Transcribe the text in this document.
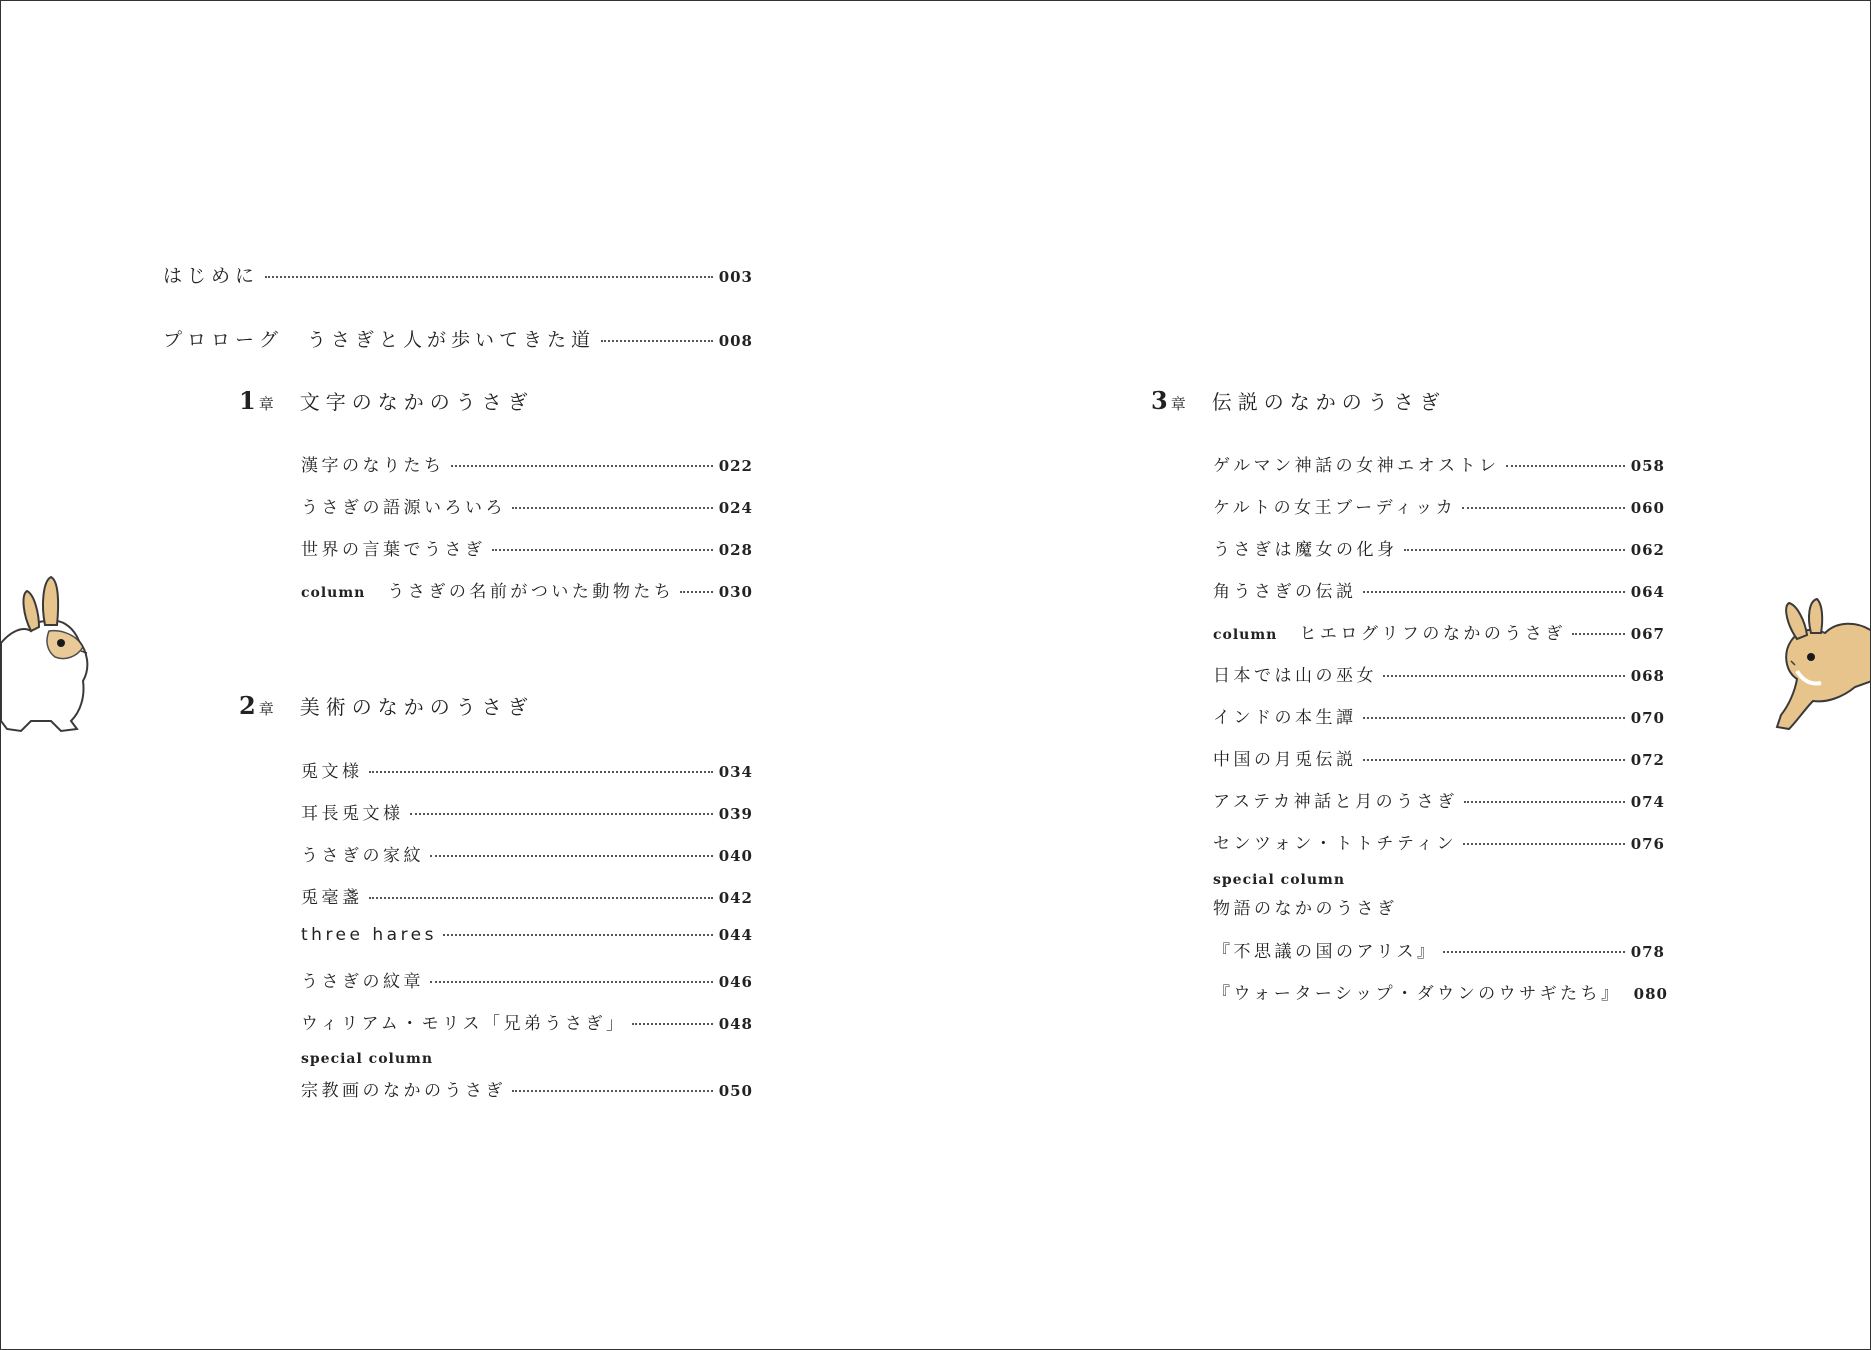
はじめに	003
プロローグ　うさぎと人が歩いてきた道	008
1 章 文字のなかのうさぎ
漢字のなりたち	022
うさぎの語源いろいろ	024
世界の言葉でうさぎ	028
column うさぎの名前がついた動物たち	030
2 章 美術のなかのうさぎ
兎文様	034
耳長兎文様	039
うさぎの家紋	040
兎毫盞	042
three hares	044
うさぎの紋章	046
ウィリアム・モリス「兄弟うさぎ」	048
special column
宗教画のなかのうさぎ	050
3 章 伝説のなかのうさぎ
ゲルマン神話の女神エオストレ	058
ケルトの女王ブーディッカ	060
うさぎは魔女の化身	062
角うさぎの伝説	064
column ヒエログリフのなかのうさぎ	067
日本では山の巫女	068
インドの本生譚	070
中国の月兎伝説	072
アステカ神話と月のうさぎ	074
センツォン・トトチティン	076
special column
物語のなかのうさぎ
『不思議の国のアリス』	078
『ウォーターシップ・ダウンのウサギたち』 080
